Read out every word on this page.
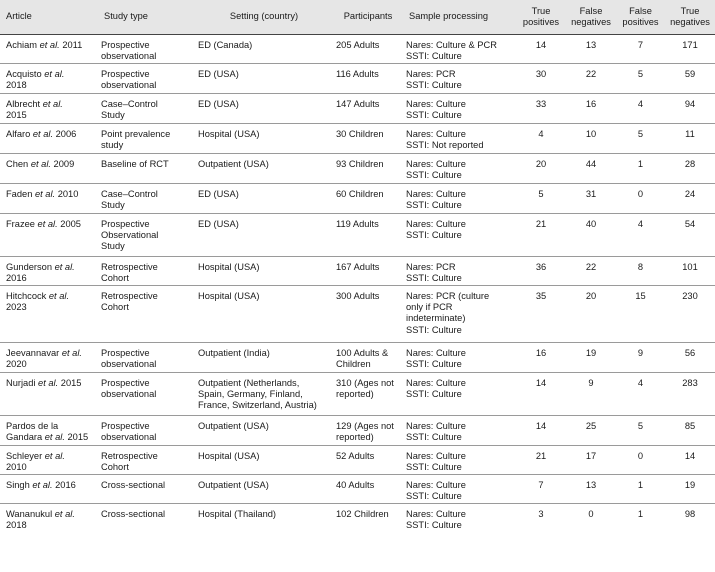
Article	Study type	Setting (country)	Participants	Sample processing	True
positives	False
negatives	False
positives	True
negatives

Achiam et al. 2011	Prospective
observational	ED (Canada)	205 Adults	Nares: Culture & PCR
SSTI: Culture	14	13	7	171

Acquisto et al.
2018	Prospective
observational	ED (USA)	116 Adults	Nares: PCR
SSTI: Culture	30	22	5	59

Albrecht et al.
2015	Case–Control
Study	ED (USA)	147 Adults	Nares: Culture
SSTI: Culture	33	16	4	94

Alfaro et al. 2006	Point prevalence
study	Hospital (USA)	30 Children	Nares: Culture
SSTI: Not reported	4	10	5	11

Chen et al. 2009	Baseline of RCT	Outpatient (USA)	93 Children	Nares: Culture
SSTI: Culture	20	44	1	28

Faden et al. 2010	Case–Control
Study	ED (USA)	60 Children	Nares: Culture
SSTI: Culture	5	31	0	24

Frazee et al. 2005	Prospective
Observational
Study	ED (USA)	119 Adults	Nares: Culture
SSTI: Culture	21	40	4	54

Gunderson et al.
2016	Retrospective
Cohort	Hospital (USA)	167 Adults	Nares: PCR
SSTI: Culture	36	22	8	101

Hitchcock et al.
2023	Retrospective
Cohort	Hospital (USA)	300 Adults	Nares: PCR (culture
only if PCR
indeterminate)
SSTI: Culture	35	20	15	230

Jeevannavar et al.
2020	Prospective
observational	Outpatient (India)	100 Adults &
Children	Nares: Culture
SSTI: Culture	16	19	9	56

Nurjadi et al. 2015	Prospective
observational	Outpatient (Netherlands,
Spain, Germany, Finland,
France, Switzerland, Austria)	310 (Ages not
reported)	Nares: Culture
SSTI: Culture	14	9	4	283

Pardos de la
Gandara et al. 2015	Prospective
observational	Outpatient (USA)	129 (Ages not
reported)	Nares: Culture
SSTI: Culture	14	25	5	85

Schleyer et al.
2010	Retrospective
Cohort	Hospital (USA)	52 Adults	Nares: Culture
SSTI: Culture	21	17	0	14

Singh et al. 2016	Cross-sectional	Outpatient (USA)	40 Adults	Nares: Culture
SSTI: Culture	7	13	1	19

Wananukul et al.
2018	Cross-sectional	Hospital (Thailand)	102 Children	Nares: Culture
SSTI: Culture	3	0	1	98
